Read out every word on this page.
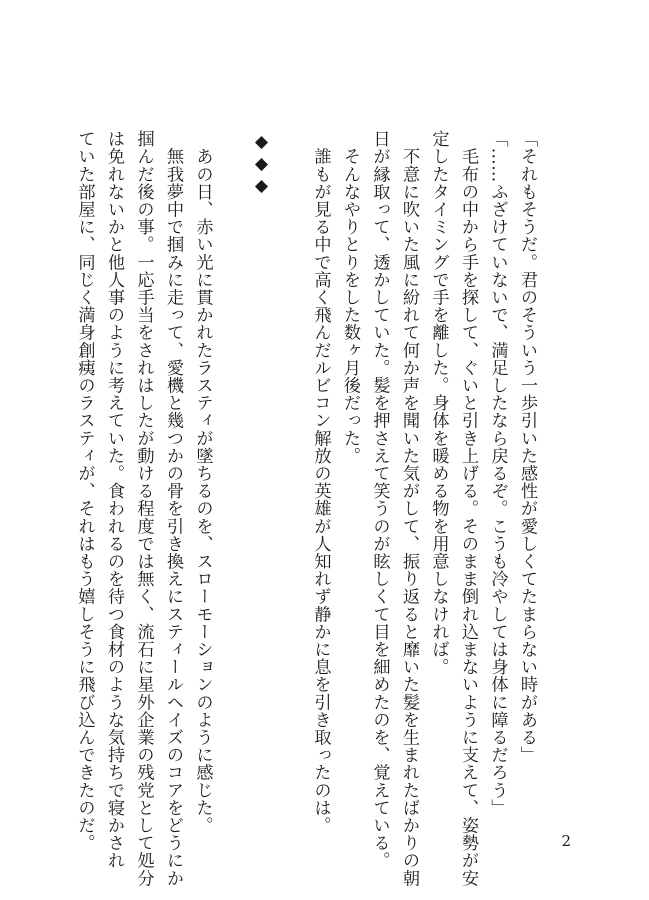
「それもそうだ。君のそういう一歩引いた感性が愛しくてたまらない時がある」

「……ふざけていないで、満足したなら戻るぞ。こうも冷やしては身体に障るだろう」

　毛布の中から手を探して、ぐいと引き上げる。そのまま倒れ込まないように支えて、姿勢が安

定したタイミングで手を離した。身体を暖める物を用意しなければ。

　不意に吹いた風に紛れて何か声を聞いた気がして、振り返ると靡いた髪を生まれたばかりの朝

日が縁取って、透かしていた。髪を押さえて笑うのが眩しくて目を細めたのを、覚えている。

　そんなやりとりをした数ヶ月後だった。

　誰もが見る中で高く飛んだルビコン解放の英雄が人知れず静かに息を引き取ったのは。

◆◆◆

　あの日、赤い光に貫かれたラスティが墜ちるのを、スローモーションのように感じた。

　無我夢中で掴みに走って、愛機と幾つかの骨を引き換えにスティールヘイズのコアをどうにか

掴んだ後の事。一応手当をされはしたが動ける程度では無く、流石に星外企業の残党として処分

は免れないかと他人事のように考えていた。食われるのを待つ食材のような気持ちで寝かされ

ていた部屋に、同じく満身創痍のラスティが、それはもう嬉しそうに飛び込んできたのだ。	2
